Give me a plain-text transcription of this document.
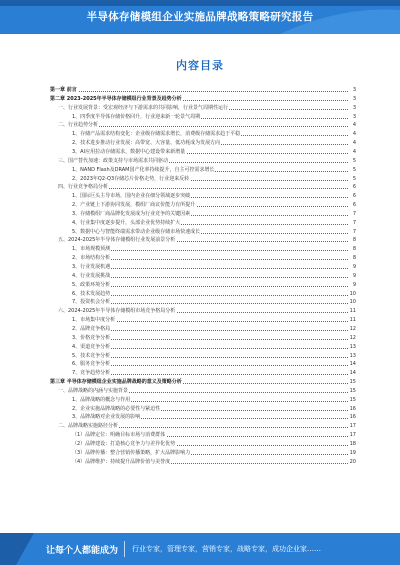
半导体存储模组企业实施品牌战略策略研究报告
内容目录
第一章 前言	3
第二章 2023-2025年半导体存储模组行业背景及趋势分析	3
一、行业发展背景：受宏观经济与下游需求的共同影响，行业景气周期性运行	3
1、四季度半导体存储价格回升，行业迎来新一轮景气周期	3
二、行业趋势分析	4
1、存储产品需求结构变化：企业级存储需求增长，消费级存储需求趋于平稳	4
2、技术进步推动行业发展：高带宽、大容量、低功耗成为发展方向	4
3、AI应用拉动存储需求，数据中心建设带来新增量	4
三、国产替代加速：政策支持与市场需求共同驱动	5
1、NAND Flash及DRAM国产化率持续提升，自主可控需求增长	5
2、2023年Q2-Q3存储芯片价格走势，行业迎来反转	5
四、行业竞争格局分析	6
1、国际巨头主导市场，国内企业在细分领域逐步突破	6
2、产业链上下游协同发展，模组厂商议价能力有所提升	6
3、存储模组厂商品牌化发展成为行业竞争的关键因素	7
4、行业集中度逐步提升，头部企业优势持续扩大	7
5、数据中心与智能终端需求带动企业级存储市场快速成长	7
五、2024-2025年半导体存储模组行业发展前景分析	8
1、市场规模预测	8
2、市场结构分析	8
3、行业发展机遇	9
4、行业发展挑战	9
5、政策环境分析	9
6、技术发展趋势	10
7、投资机会分析	10
六、2024-2025年半导体存储模组市场竞争格局分析	11
1、市场集中度分析	11
2、品牌竞争格局	12
3、价格竞争分析	12
4、渠道竞争分析	13
5、技术竞争分析	13
6、服务竞争分析	14
7、竞争趋势分析	14
第三章 半导体存储模组企业实施品牌战略的意义及策略分析	15
一、品牌战略的内涵与实施背景	15
1、品牌战略的概念与作用	15
2、企业实施品牌战略的必要性与紧迫性	16
3、品牌战略对企业发展的影响	16
二、品牌战略实施路径分析	17
（1）品牌定位：明确目标市场与消费群体	17
（2）品牌建设：打造核心竞争力与差异化优势	18
（3）品牌传播：整合营销传播策略，扩大品牌影响力	19
（4）品牌维护：持续提升品牌价值与美誉度	20
让每个人都能成为 行业专家，管理专家，营销专家，战略专家，成功企业家……
